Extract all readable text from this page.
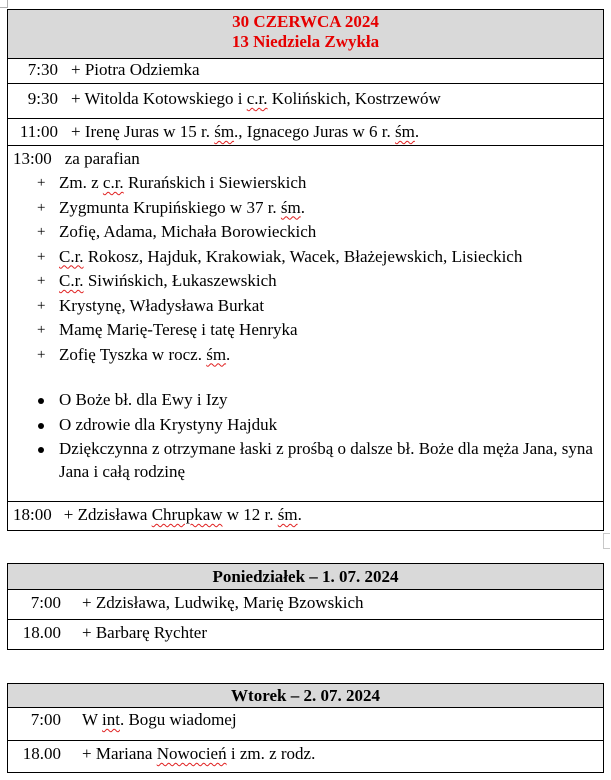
30 CZERWCA 2024
13 Niedziela Zwykła

7:30 + Piotra Odziemka

9:30 + Witolda Kotowskiego i c.r. Kolińskich, Kostrzewów

11:00 + Irenę Juras w 15 r. śm., Ignacego Juras w 6 r. śm.

13:00 za parafian
+ Zm. z c.r. Rurańskich i Siewierskich
+ Zygmunta Krupińskiego w 37 r. śm.
+ Zofię, Adama, Michała Borowieckich
+ C.r. Rokosz, Hajduk, Krakowiak, Wacek, Błażejewskich, Lisieckich
+ C.r. Siwińskich, Łukaszewskich
+ Krystynę, Władysława Burkat
+ Mamę Marię-Teresę i tatę Henryka
+ Zofię Tyszka w rocz. śm.
O Boże bł. dla Ewy i Izy
O zdrowie dla Krystyny Hajduk
Dziękczynna z otrzymane łaski z prośbą o dalsze bł. Boże dla męża Jana, syna Jana i całą rodzinę

18:00 + Zdzisława Chrupkaw w 12 r. śm.
Poniedziałek – 1. 07. 2024

7:00 + Zdzisława, Ludwikę, Marię Bzowskich

18.00 + Barbarę Rychter
Wtorek – 2. 07. 2024

7:00 W int. Bogu wiadomej

18.00 + Mariana Nowocień i zm. z rodz.
